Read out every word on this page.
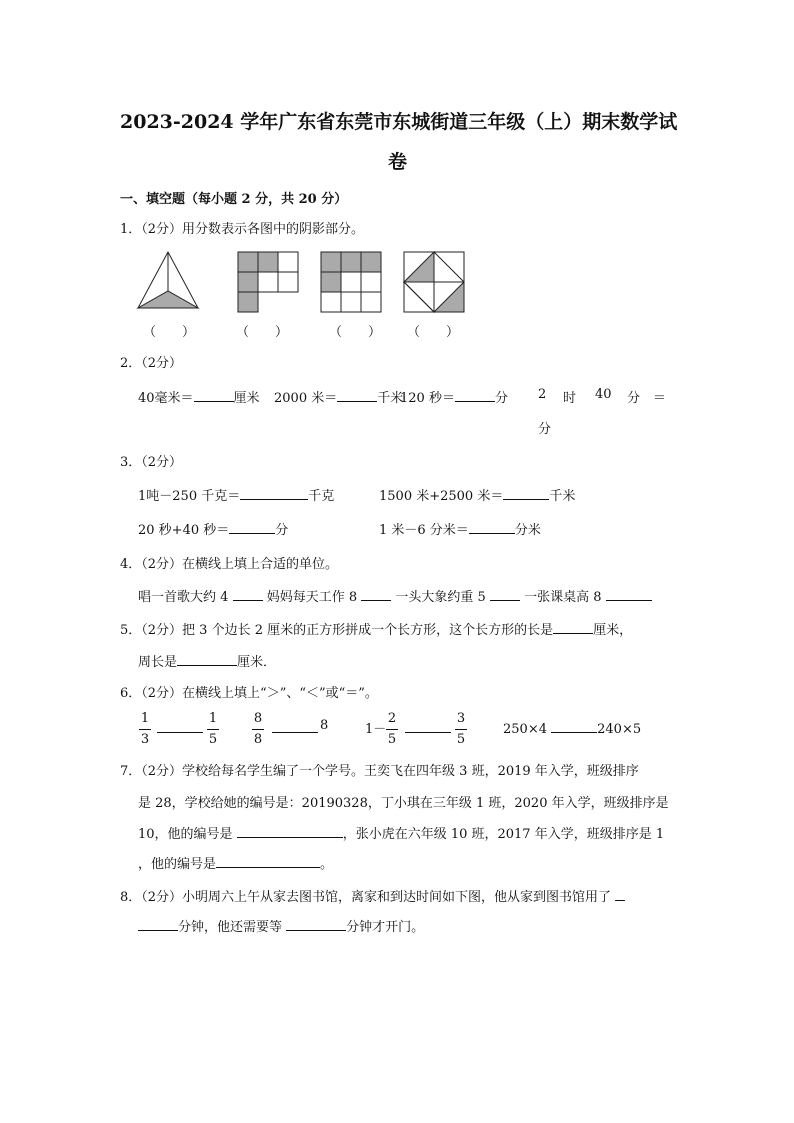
2023-2024 学年广东省东莞市东城街道三年级（上）期末数学试
卷
一、填空题（每小题 2 分，共 20 分）
1．（2分）用分数表示各图中的阴影部分。
（　　）	（　　）	（　　） （　　）
2．（2分）
40毫米＝	厘米 2000 米＝	千米
120 秒＝	分 2 时 40 分 ＝
分
3．（2分）
1吨－250 千克＝	千克	1500 米+2500 米＝	千米
20 秒+40 秒＝	分	1 米－6 分米＝	分米
4．（2分）在横线上填上合适的单位。
唱一首歌大约 4	妈妈每天工作 8	一头大象约重 5	一张课桌高 8
5．（2分）把 3 个边长 2 厘米的正方形拼成一个长方形，这个长方形的长是	厘米，
周长是	厘米．
6．（2分）在横线上填上“＞”、“＜”或“＝”。
1
3
1
5
8
8
8	1－
2
5
3
5
250×4	240×5
7．（2分）学校给每名学生编了一个学号。王奕飞在四年级 3 班，2019 年入学，班级排序
是 28，学校给她的编号是：20190328，丁小琪在三年级 1 班，2020 年入学，班级排序是
10，他的编号是	，张小虎在六年级 10 班，2017 年入学，班级排序是 1
，他的编号是	。
8．（2分）小明周六上午从家去图书馆，离家和到达时间如下图，他从家到图书馆用了
分钟，他还需要等	分钟才开门。
